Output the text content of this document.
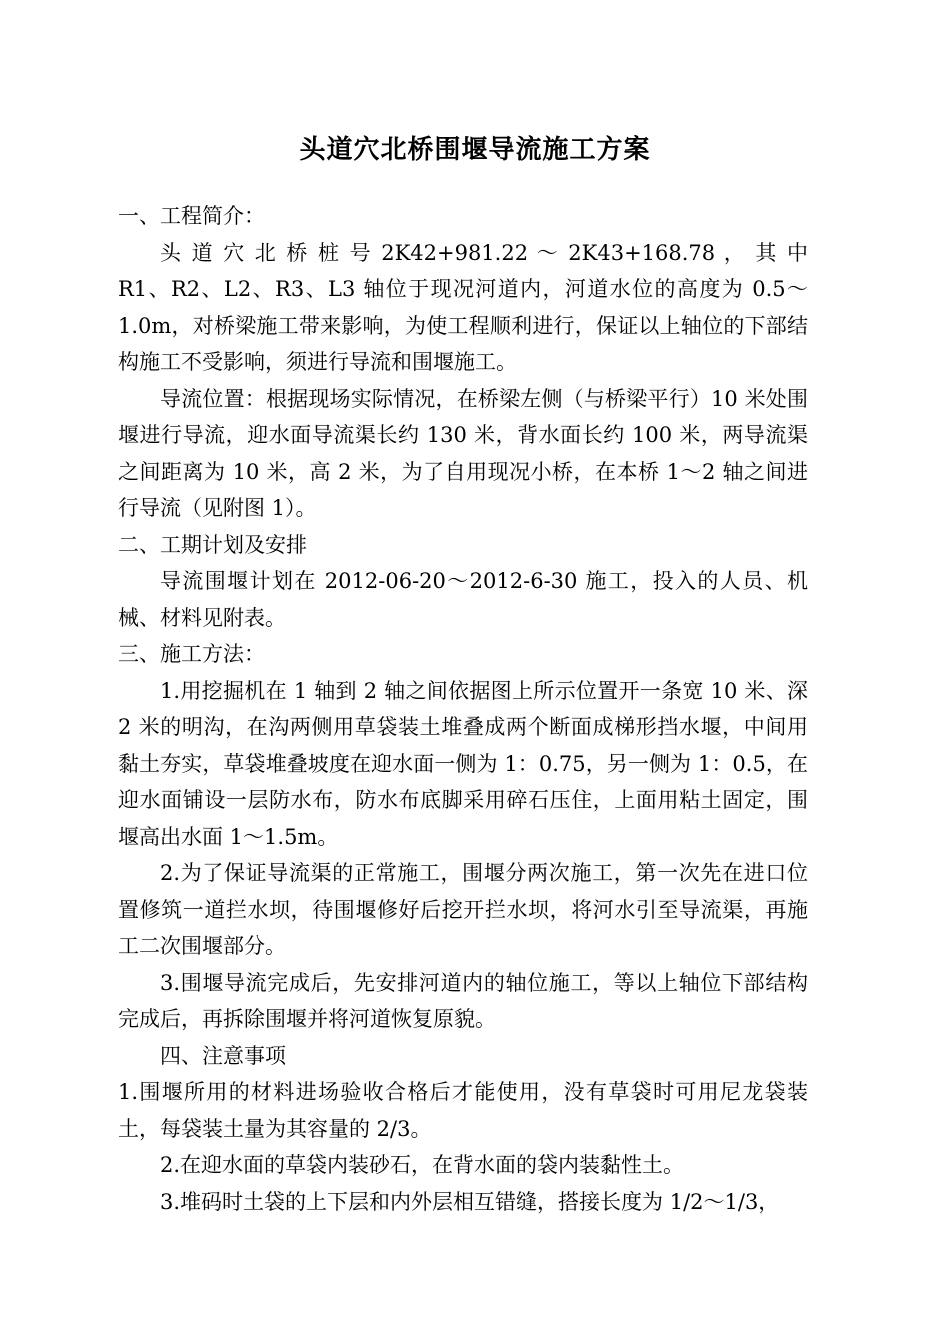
头道穴北桥围堰导流施工方案

一、工程简介：

头 道 穴 北 桥 桩 号 2K42+981.22 ～ 2K43+168.78 ， 其 中 R1、R2、L2、R3、L3 轴位于现况河道内，河道水位的高度为 0.5～1.0m，对桥梁施工带来影响，为使工程顺利进行，保证以上轴位的下部结构施工不受影响，须进行导流和围堰施工。

导流位置：根据现场实际情况，在桥梁左侧（与桥梁平行）10 米处围堰进行导流，迎水面导流渠长约 130 米，背水面长约 100 米，两导流渠之间距离为 10 米，高 2 米，为了自用现况小桥，在本桥 1～2 轴之间进行导流（见附图 1）。

二、工期计划及安排

导流围堰计划在 2012-06-20～2012-6-30 施工，投入的人员、机械、材料见附表。

三、施工方法：

1.用挖掘机在 1 轴到 2 轴之间依据图上所示位置开一条宽 10 米、深 2 米的明沟，在沟两侧用草袋装土堆叠成两个断面成梯形挡水堰，中间用黏土夯实，草袋堆叠坡度在迎水面一侧为 1：0.75，另一侧为 1：0.5，在迎水面铺设一层防水布，防水布底脚采用碎石压住，上面用粘土固定，围堰高出水面 1～1.5m。

2.为了保证导流渠的正常施工，围堰分两次施工，第一次先在进口位置修筑一道拦水坝，待围堰修好后挖开拦水坝，将河水引至导流渠，再施工二次围堰部分。

3.围堰导流完成后，先安排河道内的轴位施工，等以上轴位下部结构完成后，再拆除围堰并将河道恢复原貌。

四、注意事项

1.围堰所用的材料进场验收合格后才能使用，没有草袋时可用尼龙袋装土，每袋装土量为其容量的 2/3。

2.在迎水面的草袋内装砂石，在背水面的袋内装黏性土。

3.堆码时土袋的上下层和内外层相互错缝，搭接长度为 1/2～1/3，
